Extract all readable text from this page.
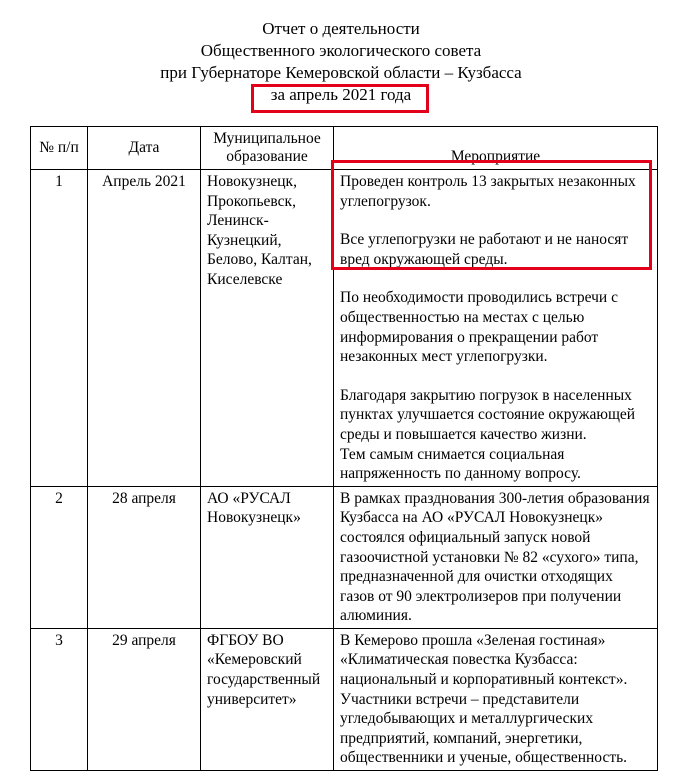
Отчет о деятельности
Общественного экологического совета
при Губернаторе Кемеровской области – Кузбасса
за апрель 2021 года
№ п/п	Дата	Муниципальное образование	Мероприятие
1	Апрель 2021	Новокузнецк, Прокопьевск, Ленинск-Кузнецкий, Белово, Калтан, Киселевске	Проведен контроль 13 закрытых незаконных углепогрузок.
Все углепогрузки не работают и не наносят вред окружающей среды.
По необходимости проводились встречи с общественностью на местах с целью информирования о прекращении работ незаконных мест углепогрузки.
Благодаря закрытию погрузок в населенных пунктах улучшается состояние окружающей среды и повышается качество жизни.
Тем самым снимается социальная напряженность по данному вопросу.

2	28 апреля	АО «РУСАЛ Новокузнецк»	В рамках празднования 300-летия образования Кузбасса на АО «РУСАЛ Новокузнецк» состоялся официальный запуск новой газоочистной установки № 82 «сухого» типа, предназначенной для очистки отходящих газов от 90 электролизеров при получении алюминия.

3	29 апреля	ФГБОУ ВО «Кемеровский государственный университет»	В Кемерово прошла «Зеленая гостиная» «Климатическая повестка Кузбасса: национальный и корпоративный контекст».
Участники встречи – представители угледобывающих и металлургических предприятий, компаний, энергетики, общественники и ученые, общественность.
